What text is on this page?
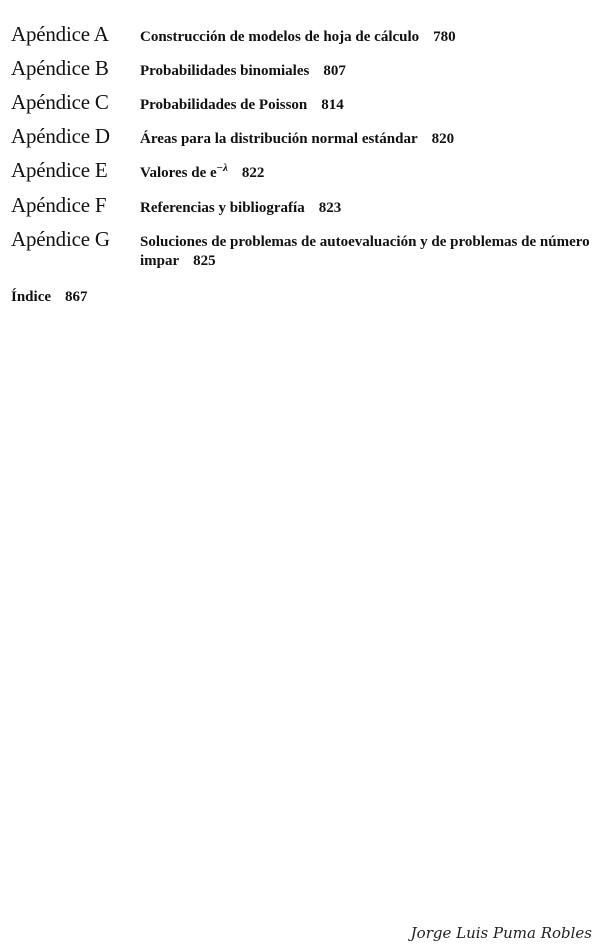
Apéndice A	Construcción de modelos de hoja de cálculo 780
Apéndice B	Probabilidades binomiales 807
Apéndice C	Probabilidades de Poisson 814
Apéndice D	Áreas para la distribución normal estándar 820
Apéndice E	Valores de $e^{-\lambda}$ 822
Apéndice F	Referencias y bibliografía 823
Apéndice G	Soluciones de problemas de autoevaluación y de problemas de número impar 825
Índice 867
Jorge Luis Puma Robles
